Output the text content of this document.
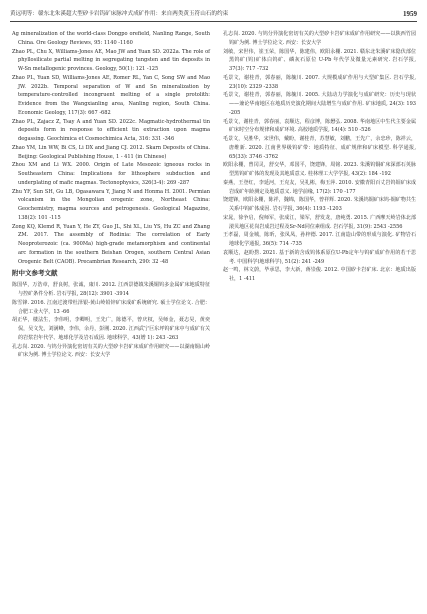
黄远明等：赣东北朱溪超大型矽卡岩钨矿床脉冲式成矿作用：来自两类黄玉符山石的约束	1959

Ag mineralization of the world-class Dongpo orefield, Nanling Range, South China. Ore Geology Reviews, 95: 1140 -1160

Zhao PL, Chu X, Williams-Jones AE, Mao JW and Yuan SD. 2022a. The role of phyllosilicate partial melting in segregating tungsten and tin deposits in W-Sn metallogenic provinces. Geology, 50(1): 121 -125

Zhao PL, Yuan SD, Williams-Jones AE, Romer RL, Yan C, Song SW and Mao JW. 2022b. Temporal separation of W and Sn mineralization by temperature-controlled incongruent melting of a single protolith: Evidence from the Wangxianling area, Nanling region, South China. Economic Geology, 117(3): 667 -682

Zhao PL, Zajacz Z, Tsay A and Yuan SD. 2022c. Magmatic-hydrothermal tin deposits form in response to efficient tin extraction upon magma degassing. Geochimica et Cosmochimica Acta, 316: 331 -346

Zhao YM, Lin WW, Bi CS, Li DX and Jiang CJ. 2012. Skarn Deposits of China. Beijing: Geological Publishing House, 1 - 411 (in Chinese)

Zhou XM and Li WX. 2000. Origin of Late Mesozoic igneous rocks in Southeastern China: Implications for lithosphere subduction and underplating of mafic magmas. Tectonophysics, 326(3-4): 269 -287

Zhu YF, Sun SH, Gu LB, Ogasawara Y, Jiang N and Honma H. 2001. Permian volcanism in the Mongolian orogenic zone, Northeast China: Geochemistry, magma sources and petrogenesis. Geological Magazine, 138(2): 101 -115

Zong KQ, Klemd R, Yuan Y, He ZY, Guo JL, Shi XL, Liu YS, Hu ZC and Zhang ZM. 2017. The assembly of Rodinia: The correlation of Early Neoproterozoic (ca. 900Ma) high-grade metamorphism and continental arc formation in the southern Beishan Orogen, southern Central Asian Orogenic Belt (CAOB). Precambrian Research, 290: 32 -48

附中文参考文献

陈国华，万浩章，舒良树，张诚，康川. 2012. 江西景德镇朱溪铜钨多金属矿床地质特征与控矿条件分析. 岩石学报, 28(12): 3901 -3914

陈雪锋. 2016. 江南过渡带杜泽银-黄山岭铅锌矿床成矿系统研究. 硕士学位论文. 合肥：合肥工业大学，13 -66

胡正华，楼法生，李伟明，李卿明，王先广，陈德平，曾庆权，吴师金，聂志昊，黄奕侃，吴文先，刘满峰，李伟，余丹，彭刚. 2020. 江西武宁巨东坪钨矿床中与成矿有关的岩浆岩年代学、地球化学及岩石成因. 地球科学，43(增 1): 243 -263

孔志岗. 2020. 与钨分异演化密切有关的大型矽卡岩矿床成矿作用研究——以湖南铜山岭矿床为例. 博士学位论文. 西安：长安大学

孔志岗. 2020. 与钨分异演化密切有关的大型矽卡岩矿床成矿作用研究——以陕西竹园钨矿为例. 博士学位论文. 西安：长安大学

刘敏，宋世伟，崔玉荣，陈国华，陈建伟，欧阳永棚. 2021. 赣东北朱溪矿床隐伏部位黑钨矿(钨)矿体白钨矿、磷灰石原位 U-Pb 年代学及微量元素研究. 岩石学报, 37(3): 717 -732

毛景文，谢桂青，郭春丽，陈毓川. 2007. 大规模成矿作用与大型矿集区. 岩石学报, 23(10): 2329 -2338

毛景文，谢桂青，郭春丽，陈毓川. 2005. 大陆动力学演化与成矿研究：历史与现状——兼论华南地区在地质历史演化期间大陆增生与成矿作用. 矿床地质, 24(3): 193 -205

毛景文，谢桂青，郭春丽，袁顺达，程彦博，陈懋弘. 2008. 华南地区中生代主要金属矿床时空分布规律和成矿环境. 高校地质学报, 14(4): 510 -526

毛景文，吴胜华，宋世伟，戴盼，谢桂青，苏慧敏，刘鹏，王先广，余忠珍，陈祥云，唐维新. 2020. 江南世界级钨矿带：地质特征、成矿规律和矿床模型. 科学通报, 65(33): 3746 -3762

欧阳永棚，曾闰灵，舒交华，邓国平，饶建锋，周铭. 2023. 朱溪钨铜矿床深部石英脉型黑钨矿矿体的发现及其地质意义. 桂林理工大学学报, 43(2): 184 -192

秦燕，王登红，李延河，王克友，吴礼彬，梅玉萍. 2010. 安徽青阳百丈岩钨钼矿床成岩成矿年龄测定及地质意义. 地学前缘, 17(2): 170 -177

饶建锋，欧阳永棚，陈祥，魏锦，陈国华，曾祥辉. 2020. 朱溪钨铜矿床钨-铜矿物共生关系中钨矿体成因. 岩石学报, 36(4): 1193 -1203

宋晁，徐争启，倪师军，张成江，梁军，舒发龙，唐纯勇. 2015. 广西摩天岭岩体北部滚贝地区花岗岩成岩过程及Sr-Nd同位素组成. 岩石学报, 31(9): 2543 -2556

王孝磊，周金城，陈昕，张凤凤，孙梓德. 2017. 江南造山带的形成与演化. 矿物岩石地球化学通报, 36(5): 714 -735

袁顺达，赵盼捞. 2021. 基于新的含成钨体系原位U-Pb定年与钨矿成矿作用的若干思考. 中国科学(地球科学), 51(2): 241 -249

赵一鸣，林文蔚，毕承思，李大新，蒋崇俊. 2012. 中国矽卡岩矿床. 北京：地质出版社，1 -411
